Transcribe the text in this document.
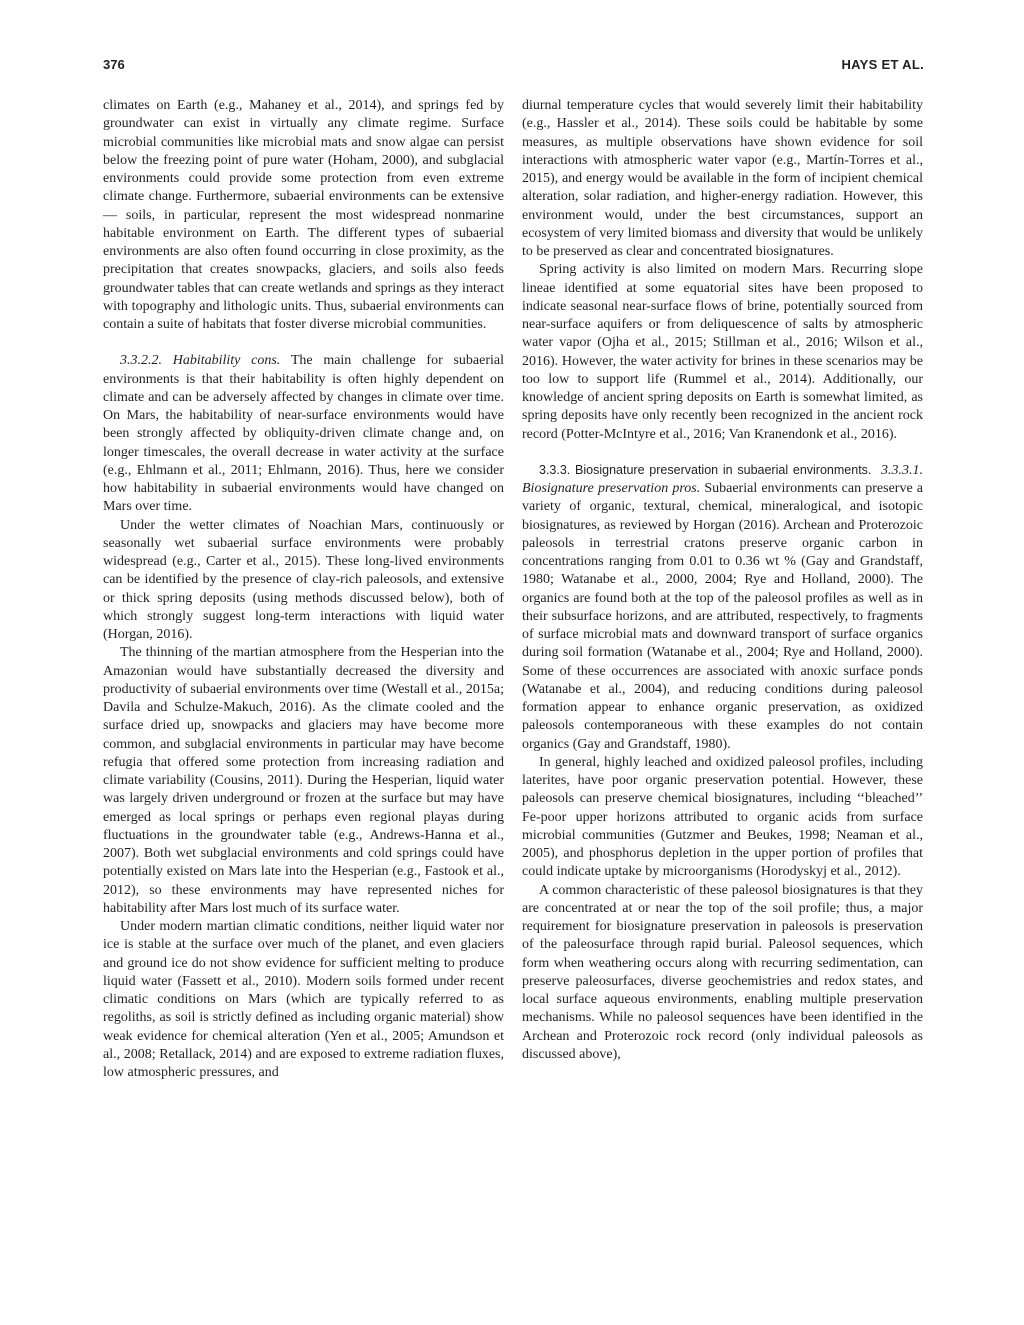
376	HAYS ET AL.

climates on Earth (e.g., Mahaney et al., 2014), and springs fed by groundwater can exist in virtually any climate regime. Surface microbial communities like microbial mats and snow algae can persist below the freezing point of pure water (Hoham, 2000), and subglacial environments could provide some protection from even extreme climate change. Furthermore, subaerial environments can be extensive— soils, in particular, represent the most widespread nonmarine habitable environment on Earth. The different types of subaerial environments are also often found occurring in close proximity, as the precipitation that creates snowpacks, glaciers, and soils also feeds groundwater tables that can create wetlands and springs as they interact with topography and lithologic units. Thus, subaerial environments can contain a suite of habitats that foster diverse microbial communities.

3.3.2.2. Habitability cons. The main challenge for subaerial environments is that their habitability is often highly dependent on climate and can be adversely affected by changes in climate over time. On Mars, the habitability of near-surface environments would have been strongly affected by obliquity-driven climate change and, on longer timescales, the overall decrease in water activity at the surface (e.g., Ehlmann et al., 2011; Ehlmann, 2016). Thus, here we consider how habitability in subaerial environments would have changed on Mars over time.

Under the wetter climates of Noachian Mars, continuously or seasonally wet subaerial surface environments were probably widespread (e.g., Carter et al., 2015). These long-lived environments can be identified by the presence of clay-rich paleosols, and extensive or thick spring deposits (using methods discussed below), both of which strongly suggest long-term interactions with liquid water (Horgan, 2016).

The thinning of the martian atmosphere from the Hesperian into the Amazonian would have substantially decreased the diversity and productivity of subaerial environments over time (Westall et al., 2015a; Davila and Schulze-Makuch, 2016). As the climate cooled and the surface dried up, snowpacks and glaciers may have become more common, and subglacial environments in particular may have become refugia that offered some protection from increasing radiation and climate variability (Cousins, 2011). During the Hesperian, liquid water was largely driven underground or frozen at the surface but may have emerged as local springs or perhaps even regional playas during fluctuations in the groundwater table (e.g., Andrews-Hanna et al., 2007). Both wet subglacial environments and cold springs could have potentially existed on Mars late into the Hesperian (e.g., Fastook et al., 2012), so these environments may have represented niches for habitability after Mars lost much of its surface water.

Under modern martian climatic conditions, neither liquid water nor ice is stable at the surface over much of the planet, and even glaciers and ground ice do not show evidence for sufficient melting to produce liquid water (Fassett et al., 2010). Modern soils formed under recent climatic conditions on Mars (which are typically referred to as regoliths, as soil is strictly defined as including organic material) show weak evidence for chemical alteration (Yen et al., 2005; Amundson et al., 2008; Retallack, 2014) and are exposed to extreme radiation fluxes, low atmospheric pressures, and

diurnal temperature cycles that would severely limit their habitability (e.g., Hassler et al., 2014). These soils could be habitable by some measures, as multiple observations have shown evidence for soil interactions with atmospheric water vapor (e.g., Martín-Torres et al., 2015), and energy would be available in the form of incipient chemical alteration, solar radiation, and higher-energy radiation. However, this environment would, under the best circumstances, support an ecosystem of very limited biomass and diversity that would be unlikely to be preserved as clear and concentrated biosignatures.

Spring activity is also limited on modern Mars. Recurring slope lineae identified at some equatorial sites have been proposed to indicate seasonal near-surface flows of brine, potentially sourced from near-surface aquifers or from deliquescence of salts by atmospheric water vapor (Ojha et al., 2015; Stillman et al., 2016; Wilson et al., 2016). However, the water activity for brines in these scenarios may be too low to support life (Rummel et al., 2014). Additionally, our knowledge of ancient spring deposits on Earth is somewhat limited, as spring deposits have only recently been recognized in the ancient rock record (Potter-McIntyre et al., 2016; Van Kranendonk et al., 2016).

3.3.3. Biosignature preservation in subaerial environments. 3.3.3.1. Biosignature preservation pros. Subaerial environments can preserve a variety of organic, textural, chemical, mineralogical, and isotopic biosignatures, as reviewed by Horgan (2016). Archean and Proterozoic paleosols in terrestrial cratons preserve organic carbon in concentrations ranging from 0.01 to 0.36 wt % (Gay and Grandstaff, 1980; Watanabe et al., 2000, 2004; Rye and Holland, 2000). The organics are found both at the top of the paleosol profiles as well as in their subsurface horizons, and are attributed, respectively, to fragments of surface microbial mats and downward transport of surface organics during soil formation (Watanabe et al., 2004; Rye and Holland, 2000). Some of these occurrences are associated with anoxic surface ponds (Watanabe et al., 2004), and reducing conditions during paleosol formation appear to enhance organic preservation, as oxidized paleosols contemporaneous with these examples do not contain organics (Gay and Grandstaff, 1980).

In general, highly leached and oxidized paleosol profiles, including laterites, have poor organic preservation potential. However, these paleosols can preserve chemical biosignatures, including ‘‘bleached’’ Fe-poor upper horizons attributed to organic acids from surface microbial communities (Gutzmer and Beukes, 1998; Neaman et al., 2005), and phosphorus depletion in the upper portion of profiles that could indicate uptake by microorganisms (Horodyskyj et al., 2012).

A common characteristic of these paleosol biosignatures is that they are concentrated at or near the top of the soil profile; thus, a major requirement for biosignature preservation in paleosols is preservation of the paleosurface through rapid burial. Paleosol sequences, which form when weathering occurs along with recurring sedimentation, can preserve paleosurfaces, diverse geochemistries and redox states, and local surface aqueous environments, enabling multiple preservation mechanisms. While no paleosol sequences have been identified in the Archean and Proterozoic rock record (only individual paleosols as discussed above),
